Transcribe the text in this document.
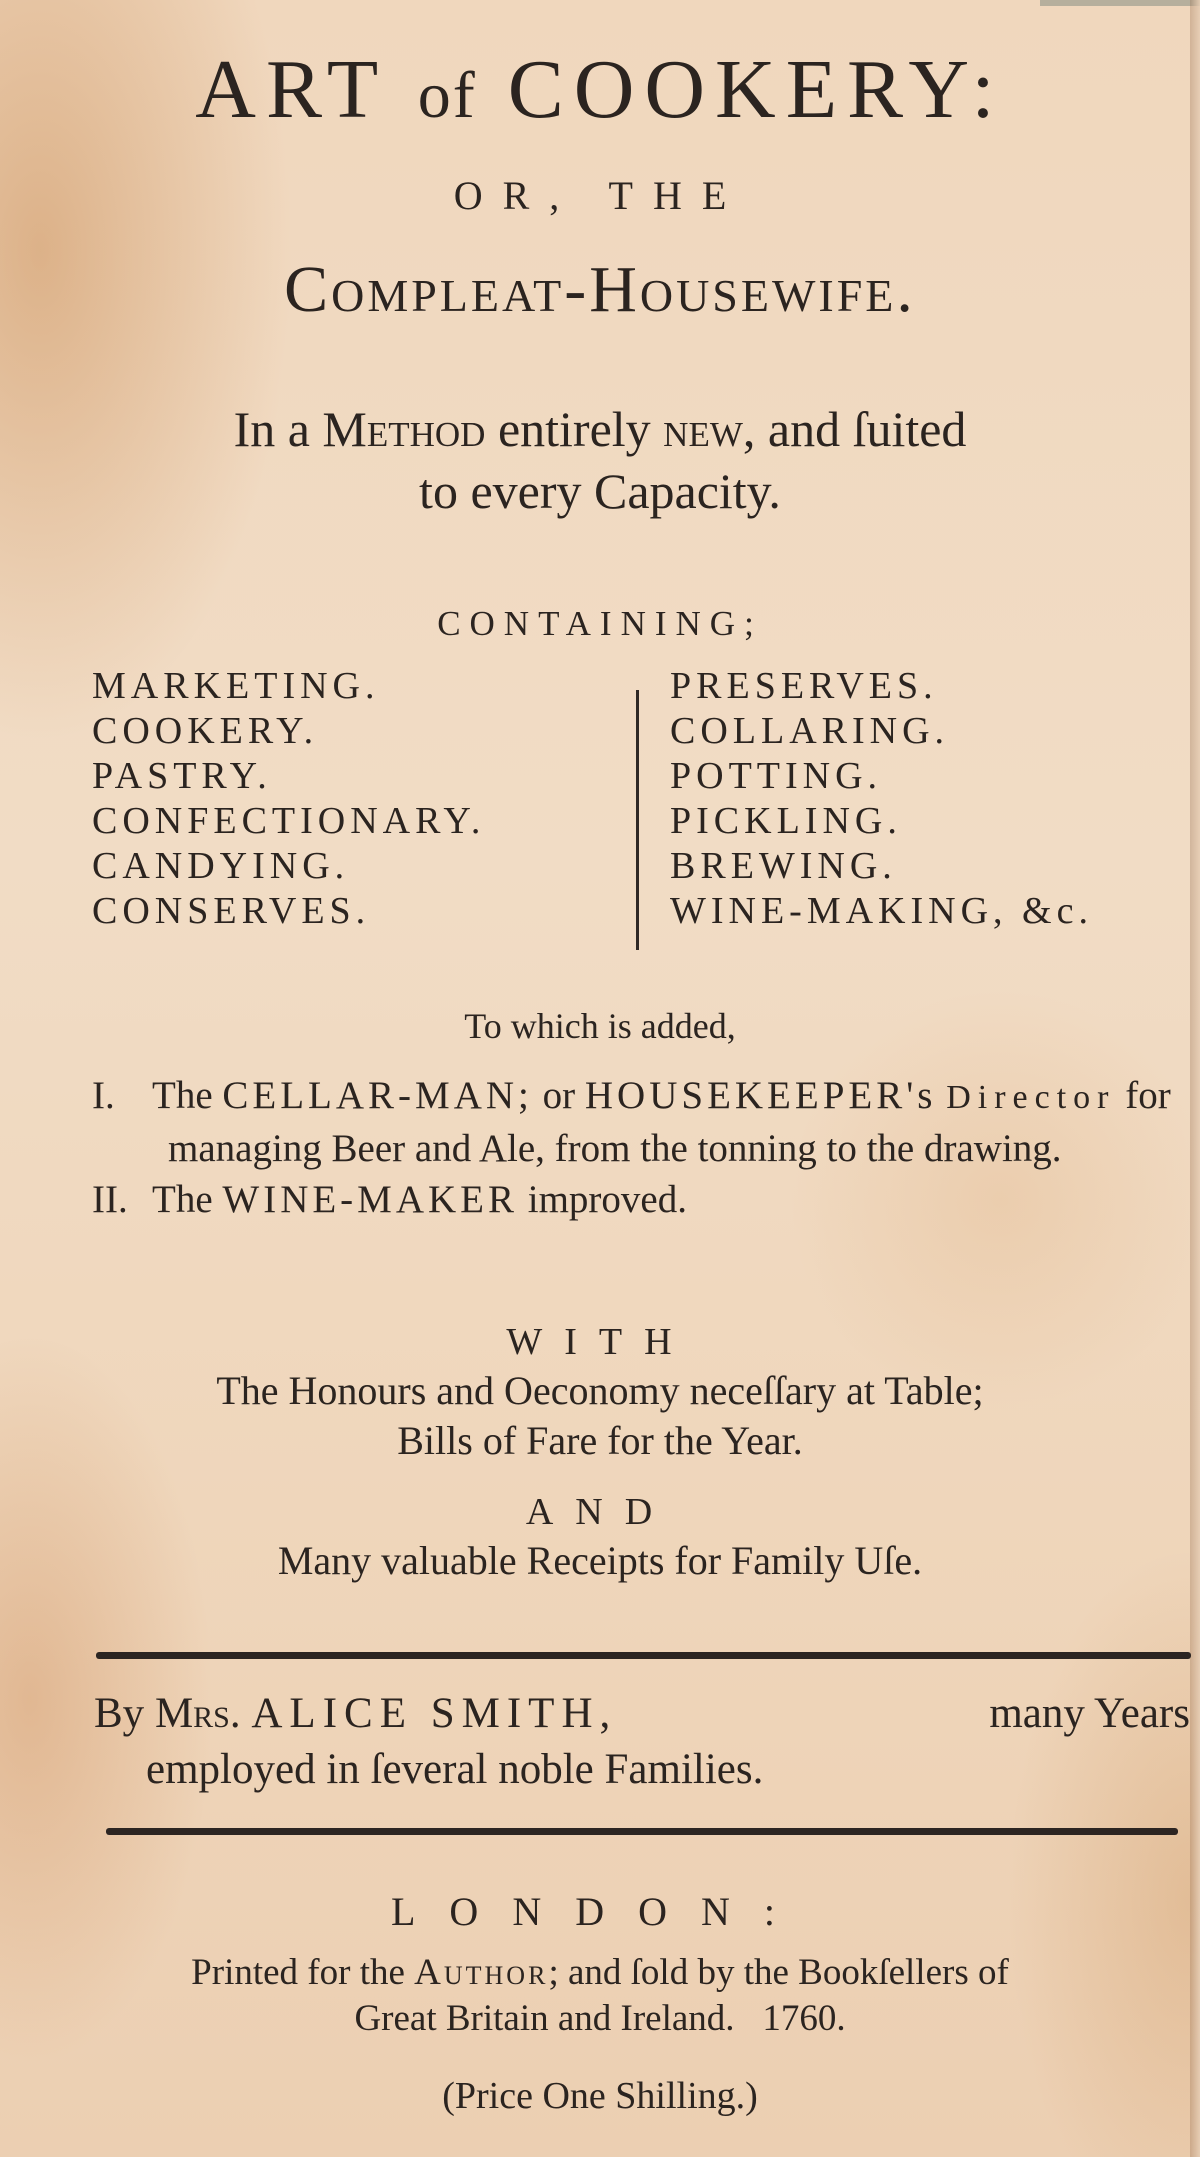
ART of COOKERY:
OR, THE
Compleat-Housewife.
In a Method entirely new, and ſuited
to every Capacity.
CONTAINING;
MARKETING.
COOKERY.
PASTRY.
CONFECTIONARY.
CANDYING.
CONSERVES.
PRESERVES.
COLLARING.
POTTING.
PICKLING.
BREWING.
WINE-MAKING, &c.
To which is added,
I. The CELLAR-MAN; or HOUSEKEEPER's Director for managing Beer and Ale, from the tonning to the drawing.
II. The WINE-MAKER improved.
WITH
The Honours and Oeconomy neceſſary at Table;
Bills of Fare for the Year.
AND
Many valuable Receipts for Family Uſe.
By Mrs. ALICE SMITH,	many Years
employed in ſeveral noble Families.
LONDON:
Printed for the Author; and ſold by the Bookſellers of
Great Britain and Ireland. 1760.
(Price One Shilling.)
